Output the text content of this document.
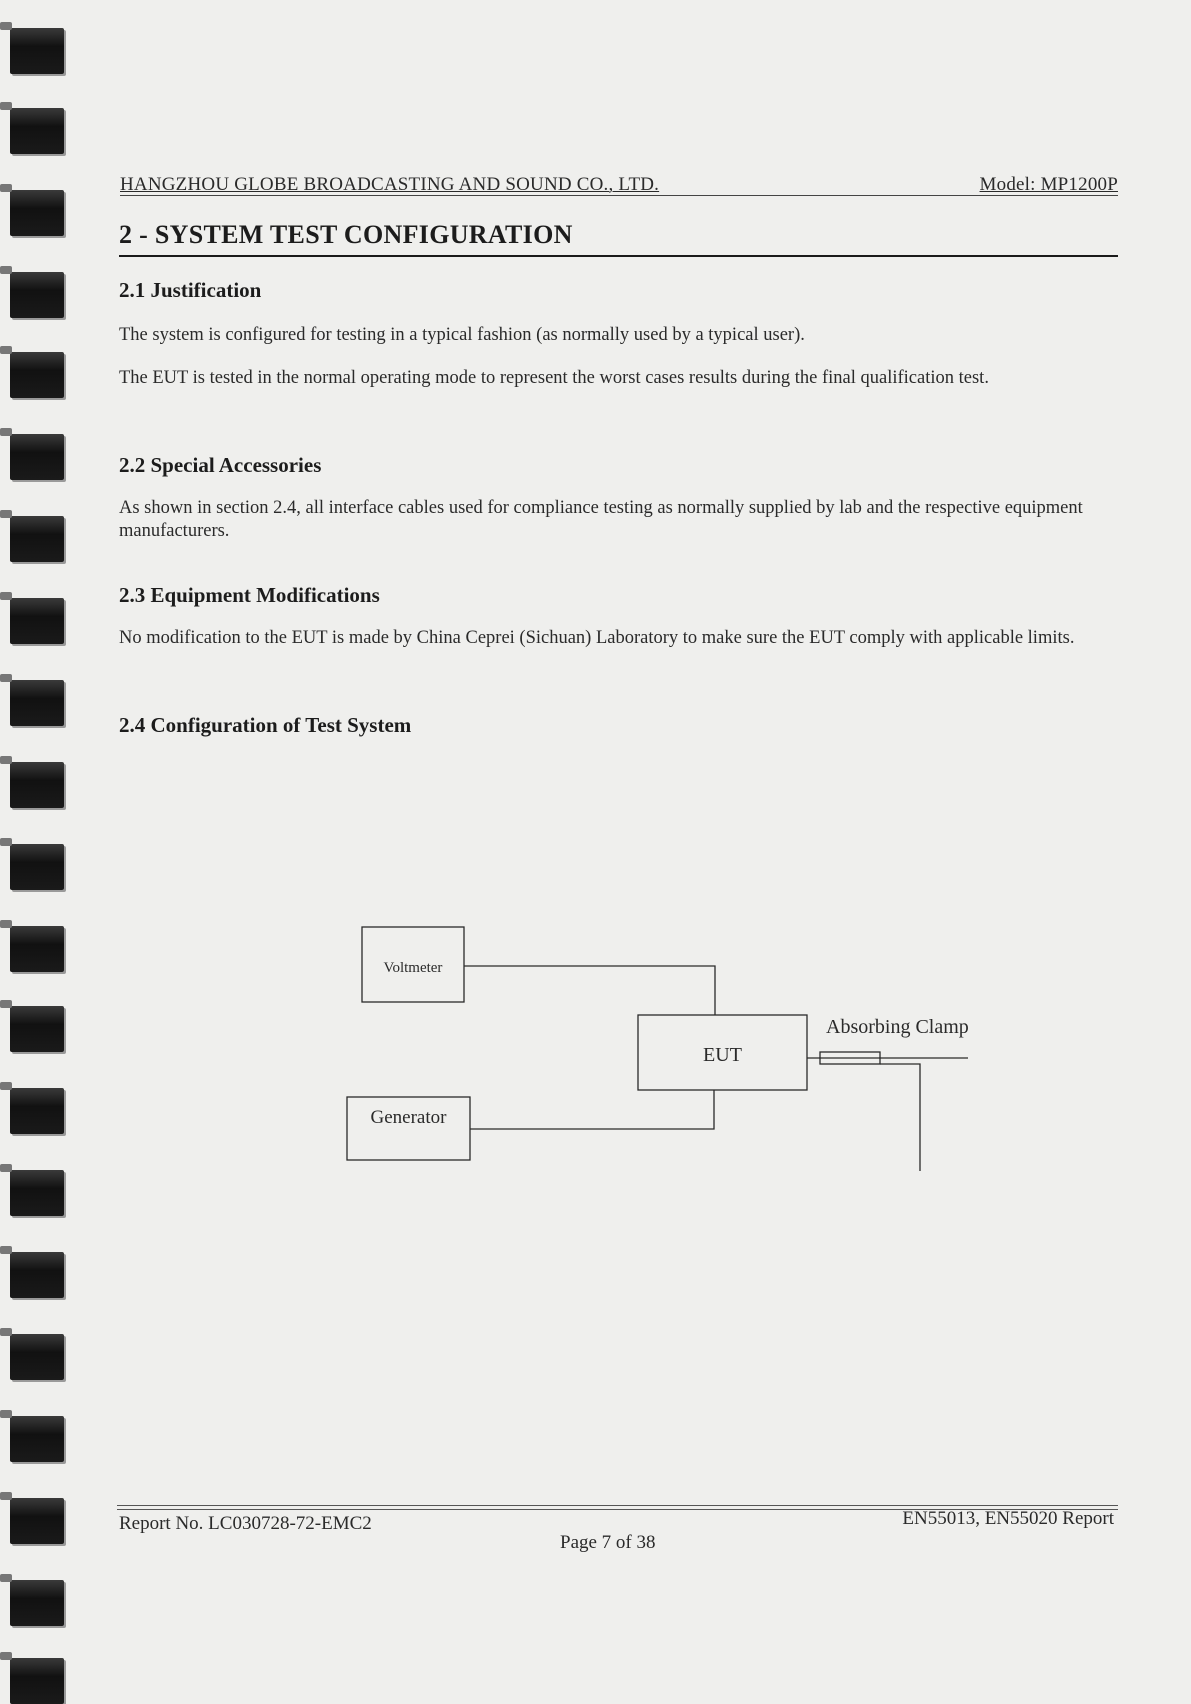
HANGZHOU GLOBE BROADCASTING AND SOUND CO., LTD.	Model: MP1200P
2 - SYSTEM TEST CONFIGURATION
2.1 Justification

The system is configured for testing in a typical fashion (as normally used by a typical user).

The EUT is tested in the normal operating mode to represent the worst cases results during the final qualification test.

2.2 Special Accessories

As shown in section 2.4, all interface cables used for compliance testing as normally supplied by lab and the respective equipment manufacturers.

2.3 Equipment Modifications

No modification to the EUT is made by China Ceprei (Sichuan) Laboratory to make sure the EUT comply with applicable limits.

2.4 Configuration of Test System
Voltmeter
Generator
EUT
Absorbing Clamp
Report No. LC030728-72-EMC2	EN55013, EN55020 Report
Page 7 of 38
